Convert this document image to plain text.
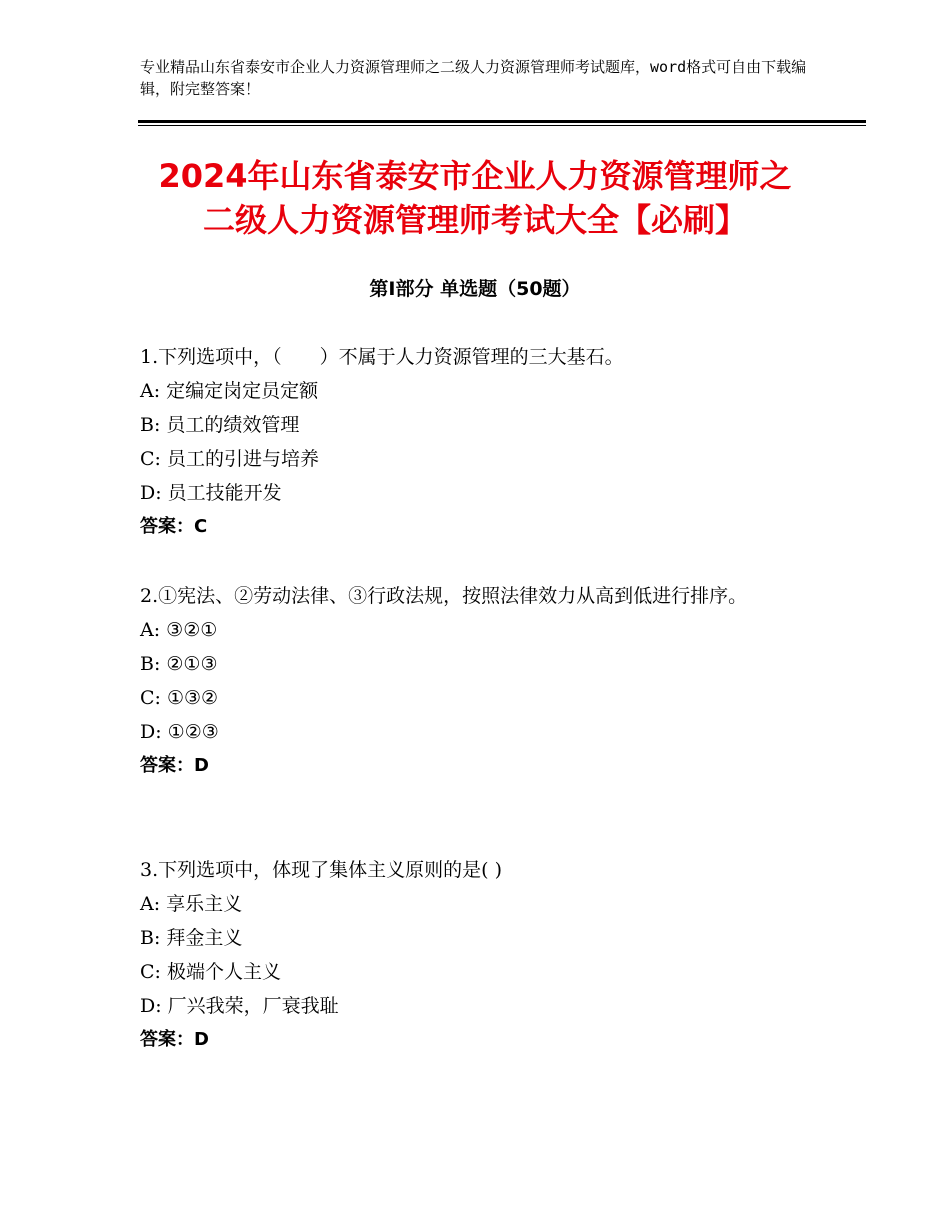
专业精品山东省泰安市企业人力资源管理师之二级人力资源管理师考试题库，word格式可自由下载编辑，附完整答案！
2024年山东省泰安市企业人力资源管理师之
二级人力资源管理师考试大全【必刷】
第Ⅰ部分 单选题（50题）

1.下列选项中，（　　）不属于人力资源管理的三大基石。

A: 定编定岗定员定额

B: 员工的绩效管理

C: 员工的引进与培养

D: 员工技能开发

答案：C

2.①宪法、②劳动法律、③行政法规，按照法律效力从高到低进行排序。

A: ③②①

B: ②①③

C: ①③②

D: ①②③

答案：D

3.下列选项中，体现了集体主义原则的是( )

A: 享乐主义

B: 拜金主义

C: 极端个人主义

D: 厂兴我荣，厂衰我耻

答案：D
